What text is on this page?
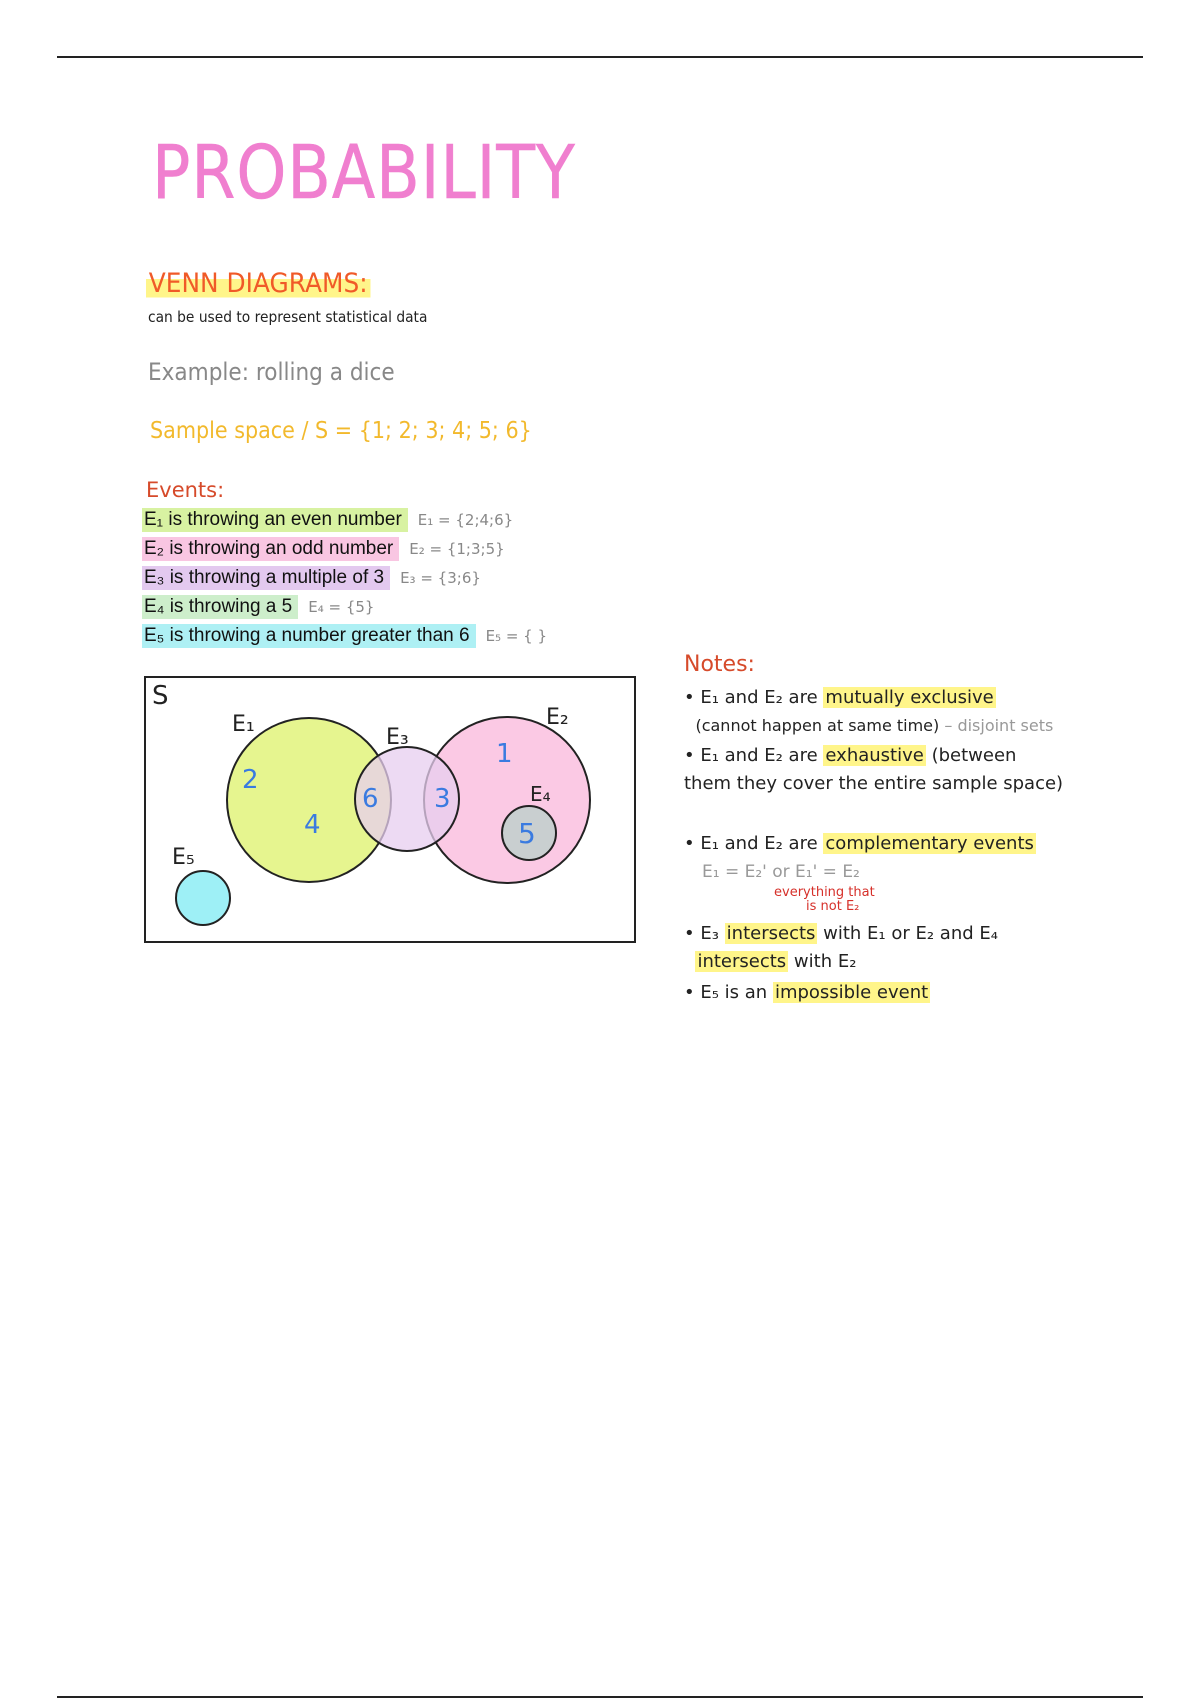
PROBABILITY
VENN DIAGRAMS:
can be used to represent statistical data
Example: rolling a dice
Sample space / S = {1; 2; 3; 4; 5; 6}
Events:
E₁ is throwing an even number	E₁ = {2;4;6}
E₂ is throwing an odd number	E₂ = {1;3;5}
E₃ is throwing a multiple of 3	E₃ = {3;6}
E₄ is throwing a 5	E₄ = {5}
E₅ is throwing a number greater than 6	E₅ = { }
S
E₁
E₃
E₂
E₄
E₅
2
4
6 3
1
5
Notes:
• E₁ and E₂ are mutually exclusive
(cannot happen at same time) – disjoint sets
• E₁ and E₂ are exhaustive (between them they cover the entire sample space)
• E₁ and E₂ are complementary events
E₁ = E₂' or E₁' = E₂
everything that
is not E₂
• E₃ intersects with E₁ or E₂ and E₄
intersects with E₂
• E₅ is an impossible event
